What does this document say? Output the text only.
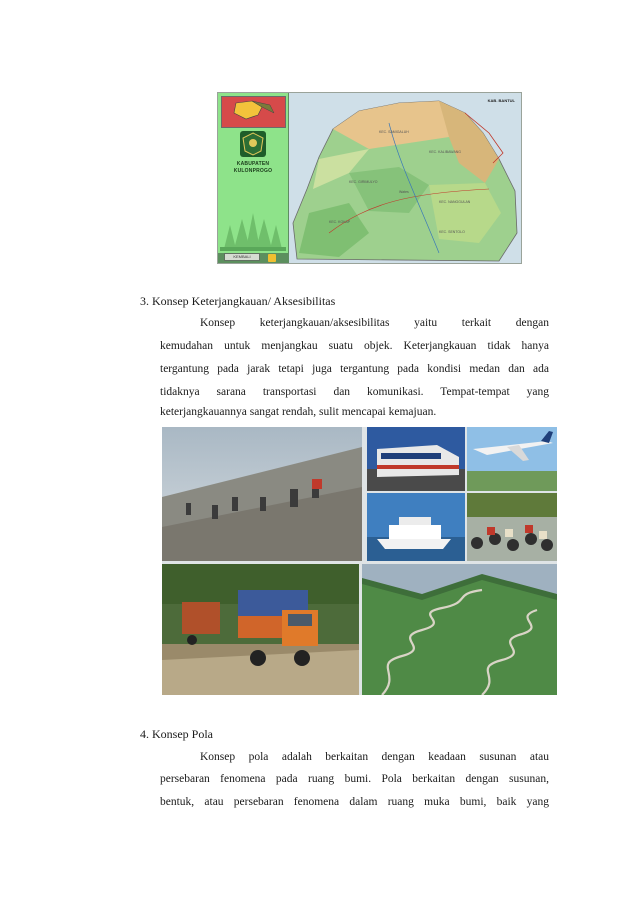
KABUPATEN
KULONPROGO
KEMBALI
KEC. SAMIGALUH
KEC. KALIBAWANG
KEC. GIRIMULYO
KEC. NANGGULAN
KEC. KOKAP
KEC. SENTOLO
Wates
KAB. BANTUL
3. Konsep Keterjangkauan/ Aksesibilitas
Konsep keterjangkauan/aksesibilitas yaitu terkait dengan
kemudahan untuk menjangkau suatu objek. Keterjangkauan tidak hanya
tergantung pada jarak tetapi juga tergantung pada kondisi medan dan ada
tidaknya sarana transportasi dan komunikasi. Tempat-tempat yang
keterjangkauannya sangat rendah, sulit mencapai kemajuan.
4. Konsep Pola
Konsep pola adalah berkaitan dengan keadaan susunan atau
persebaran fenomena pada ruang bumi. Pola berkaitan dengan susunan,
bentuk, atau persebaran fenomena dalam ruang muka bumi, baik yang
